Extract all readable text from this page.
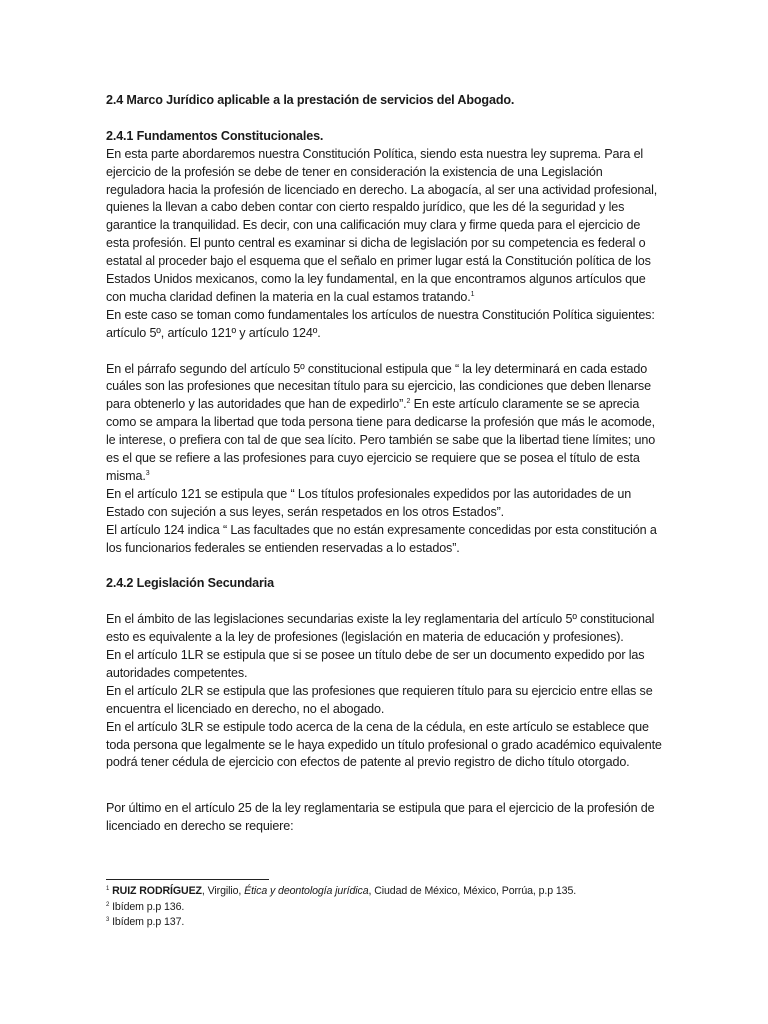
2.4 Marco Jurídico aplicable a la prestación de servicios del Abogado.

2.4.1 Fundamentos Constitucionales.

En esta parte abordaremos nuestra Constitución Política, siendo esta nuestra ley suprema. Para el ejercicio de la profesión se debe de tener en consideración la existencia de una Legislación reguladora hacia la profesión de licenciado en derecho. La abogacía, al ser una actividad profesional, quienes la llevan a cabo deben contar con cierto respaldo jurídico, que les dé la seguridad y les garantice la tranquilidad. Es decir, con una calificación muy clara y firme queda para el ejercicio de esta profesión. El punto central es examinar si dicha de legislación por su competencia es federal o estatal al proceder bajo el esquema que el señalo en primer lugar está la Constitución política de los Estados Unidos mexicanos, como la ley fundamental, en la que encontramos algunos artículos que con mucha claridad definen la materia en la cual estamos tratando.$^1$

En este caso se toman como fundamentales los artículos de nuestra Constitución Política siguientes: artículo 5º, artículo 121º y artículo 124º.

En el párrafo segundo del artículo 5º constitucional estipula que “ la ley determinará en cada estado cuáles son las profesiones que necesitan título para su ejercicio, las condiciones que deben llenarse para obtenerlo y las autoridades que han de expedirlo”.$^2$ En este artículo claramente se se aprecia como se ampara la libertad que toda persona tiene para dedicarse la profesión que más le acomode, le interese, o prefiera con tal de que sea lícito. Pero también se sabe que la libertad tiene límites; uno es el que se refiere a las profesiones para cuyo ejercicio se requiere que se posea el título de esta misma.$^3$

En el artículo 121 se estipula que “ Los títulos profesionales expedidos por las autoridades de un Estado con sujeción a sus leyes, serán respetados en los otros Estados”.

El artículo 124 indica “ Las facultades que no están expresamente concedidas por esta constitución a los funcionarios federales se entienden reservadas a lo estados”.

2.4.2 Legislación Secundaria

En el ámbito de las legislaciones secundarias existe la ley reglamentaria del artículo 5º constitucional esto es equivalente a la ley de profesiones (legislación en materia de educación y profesiones).

En el artículo 1LR se estipula que si se posee un título debe de ser un documento expedido por las autoridades competentes.

En el artículo 2LR se estipula que las profesiones que requieren título para su ejercicio entre ellas se encuentra el licenciado en derecho, no el abogado.

En el artículo 3LR se estipule todo acerca de la cena de la cédula, en este artículo se establece que toda persona que legalmente se le haya expedido un título profesional o grado académico equivalente podrá tener cédula de ejercicio con efectos de patente al previo registro de dicho título otorgado.

Por último en el artículo 25 de la ley reglamentaria se estipula que para el ejercicio de la profesión de licenciado en derecho se requiere:

$^1$ RUIZ RODRÍGUEZ, Virgilio, Ética y deontología jurídica, Ciudad de México, México, Porrúa, p.p 135.

$^2$ Ibídem p.p 136.

$^3$ Ibídem p.p 137.
